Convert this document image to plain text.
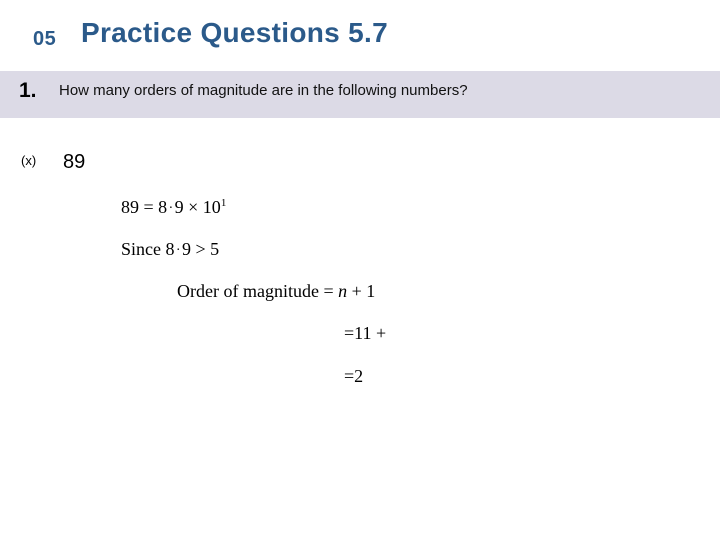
05 Practice Questions 5.7
1. How many orders of magnitude are in the following numbers?
(x) 89
89 = 8 . $9 \times 10^1$
Since 8 . 9 > 5
Order of magnitude = n + 1
=11 +
=2
